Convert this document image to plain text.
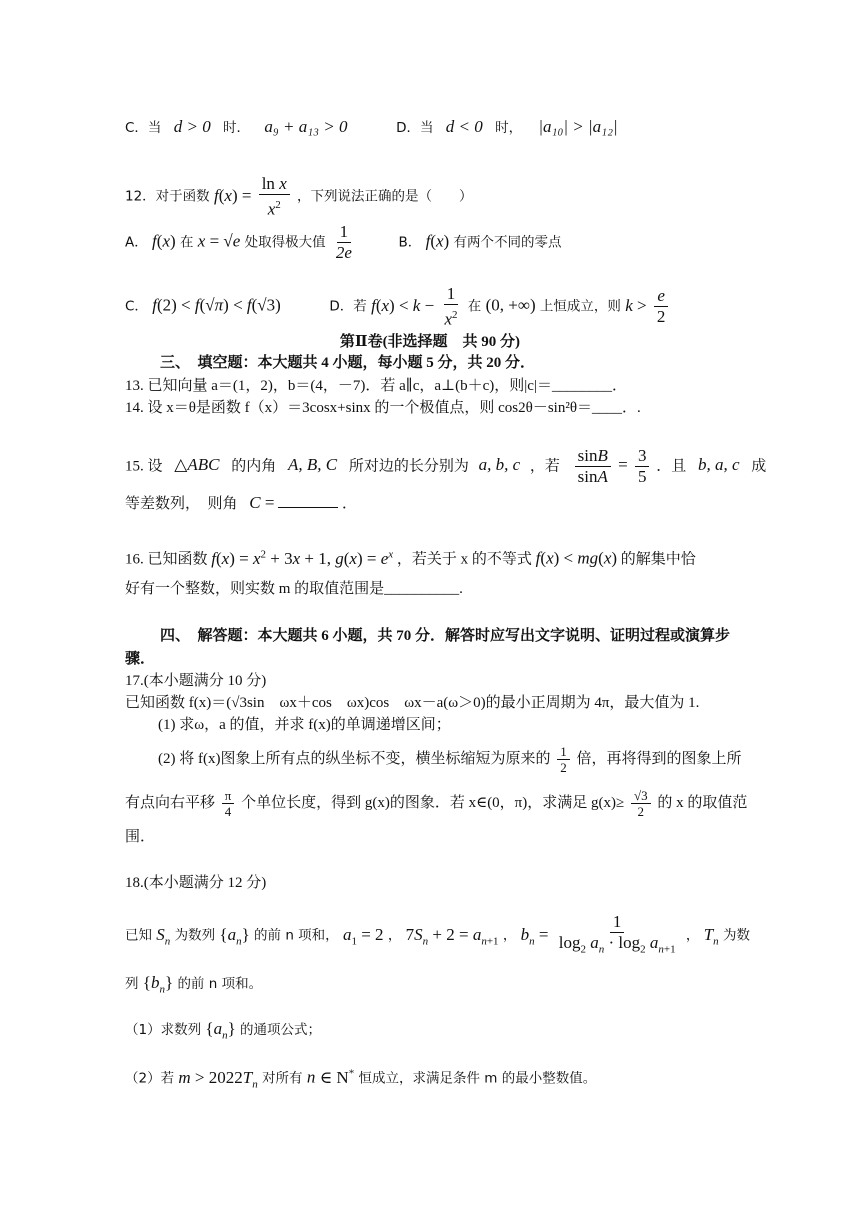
C．当 d > 0 时． a₉ + a₁₃ > 0	D．当 d < 0 时， |a₁₀| > |a₁₂|
12．对于函数 $f(x) = \frac{\text{ln x}}{x^2}$ ，下列说法正确的是（　　）
A． f(x) 在 x = √e 处取得极大值 $\frac{1}{2e}$	B． f(x) 有两个不同的零点
C． f(2) < f(√π) < f(√3)	D．若 $f(x) < k - \frac{1}{x^2}$ 在 (0, +∞) 上恒成立，则 $k > \frac{e}{2}$
第Ⅱ卷(非选择题　共 90 分)
三、　填空题：本大题共 4 小题，每小题 5 分，共 20 分．
13. 已知向量 a＝(1，2)，b＝(4，－7)．若 a∥c，a⊥(b＋c)，则|c|＝________．
14. 设 x＝θ是函数 f（x）＝3cosx+sinx 的一个极值点，则 cos2θ－sin²θ＝____．.
15. 设 △ABC 的内角 A, B, C 所对边的长分别为 a, b, c ，若 $\frac{\sin B}{\sin A} = \frac{3}{5}$ ．且 b, a, c 成
等差数列，　则角 C =	．
16. 已知函数 $f(x) = x^2 + 3x + 1$, $g(x) = e^x$ ，若关于 x 的不等式 f(x) < mg(x) 的解集中恰
好有一个整数，则实数 m 的取值范围是__________.
四、　解答题：本大题共 6 小题，共 70 分．解答时应写出文字说明、证明过程或演算步
骤．
17.(本小题满分 10 分)
已知函数 f(x)＝(√3sin　ωx＋cos　ωx)cos　ωx－a(ω＞0)的最小正周期为 4π，最大值为 1.
(1) 求ω，a 的值，并求 f(x)的单调递增区间；
(2) 将 f(x)图象上所有点的纵坐标不变，横坐标缩短为原来的 $\frac{1}{2}$ 倍，再将得到的图象上所
有点向右平移 $\frac{\pi}{4}$ 个单位长度，得到 g(x)的图象．若 x∈(0，π)，求满足 $g(x)\ge \frac{√3}{2}$ 的 x 的取值范
围．
18.(本小题满分 12 分)
已知 $S_n$ 为数列 $\{a_n\}$ 的前 n 项和， $a_1 = 2$ ， $7S_n + 2 = a_{n+1}$ ， $b_n = \frac{1}{\log_2 a_n \cdot \log_2 a_{n+1}}$ ， $T_n$ 为数
列 $\{b_n\}$ 的前 n 项和。
（1）求数列 $\{a_n\}$ 的通项公式；
（2）若 $m > 2022T_n$ 对所有 n ∈ N* 恒成立，求满足条件 m 的最小整数值。
